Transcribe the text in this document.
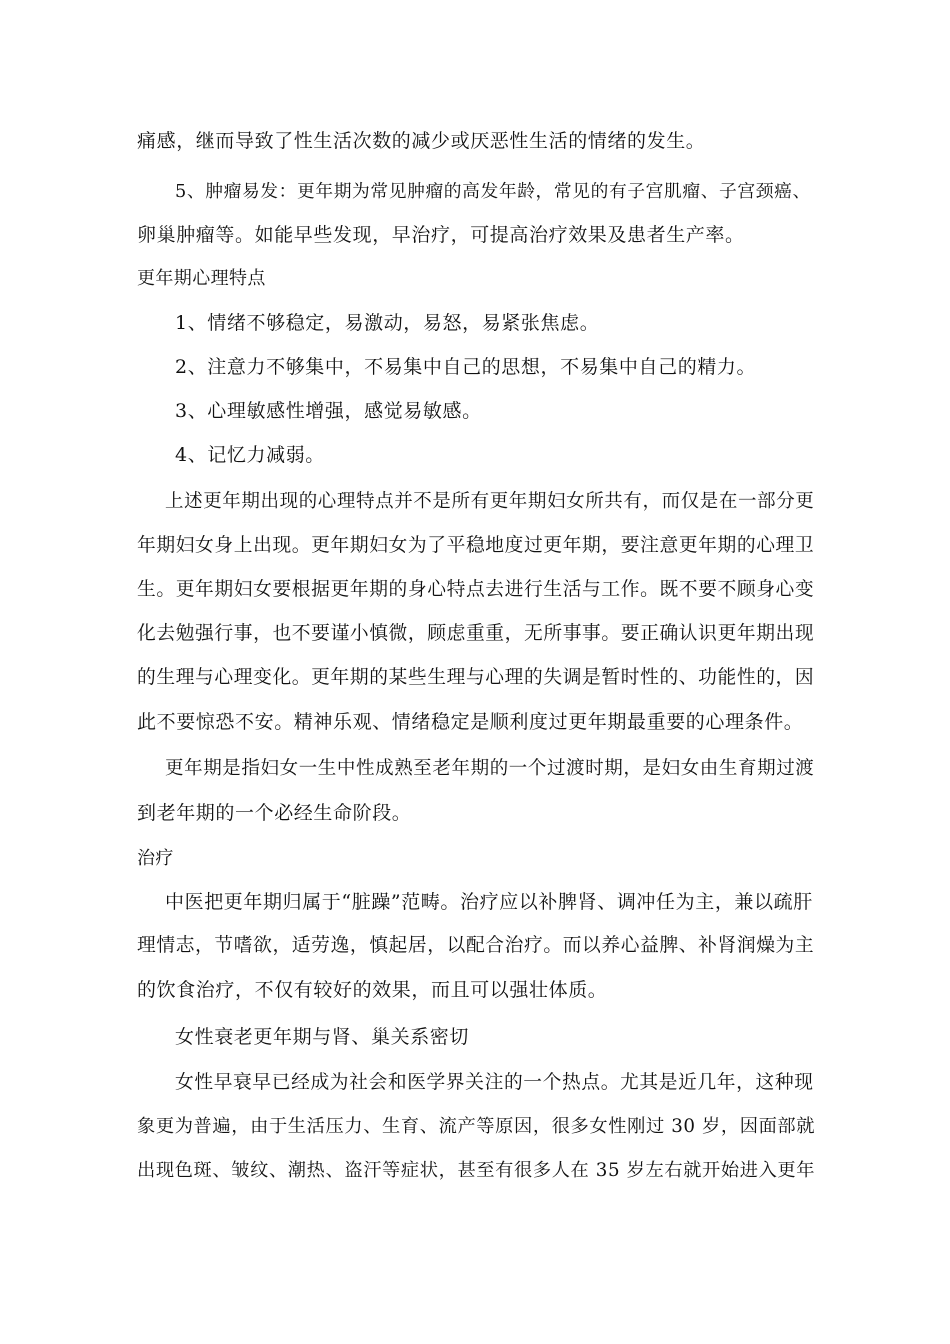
痛感，继而导致了性生活次数的减少或厌恶性生活的情绪的发生。
5、肿瘤易发：更年期为常见肿瘤的高发年龄，常见的有子宫肌瘤、子宫颈癌、
卵巢肿瘤等。如能早些发现，早治疗，可提高治疗效果及患者生产率。
更年期心理特点
1、情绪不够稳定，易激动，易怒，易紧张焦虑。
2、注意力不够集中，不易集中自己的思想，不易集中自己的精力。
3、心理敏感性增强，感觉易敏感。
4、记忆力减弱。
上述更年期出现的心理特点并不是所有更年期妇女所共有，而仅是在一部分更
年期妇女身上出现。更年期妇女为了平稳地度过更年期，要注意更年期的心理卫
生。更年期妇女要根据更年期的身心特点去进行生活与工作。既不要不顾身心变
化去勉强行事，也不要谨小慎微，顾虑重重，无所事事。要正确认识更年期出现
的生理与心理变化。更年期的某些生理与心理的失调是暂时性的、功能性的，因
此不要惊恐不安。精神乐观、情绪稳定是顺利度过更年期最重要的心理条件。
更年期是指妇女一生中性成熟至老年期的一个过渡时期，是妇女由生育期过渡
到老年期的一个必经生命阶段。
治疗
中医把更年期归属于“脏躁”范畴。治疗应以补脾肾、调冲任为主，兼以疏肝
理情志，节嗜欲，适劳逸，慎起居，以配合治疗。而以养心益脾、补肾润燥为主
的饮食治疗，不仅有较好的效果，而且可以强壮体质。
女性衰老更年期与肾、巢关系密切
女性早衰早已经成为社会和医学界关注的一个热点。尤其是近几年，这种现
象更为普遍，由于生活压力、生育、流产等原因，很多女性刚过 30 岁，因面部就
出现色斑、皱纹、潮热、盗汗等症状，甚至有很多人在 35 岁左右就开始进入更年
